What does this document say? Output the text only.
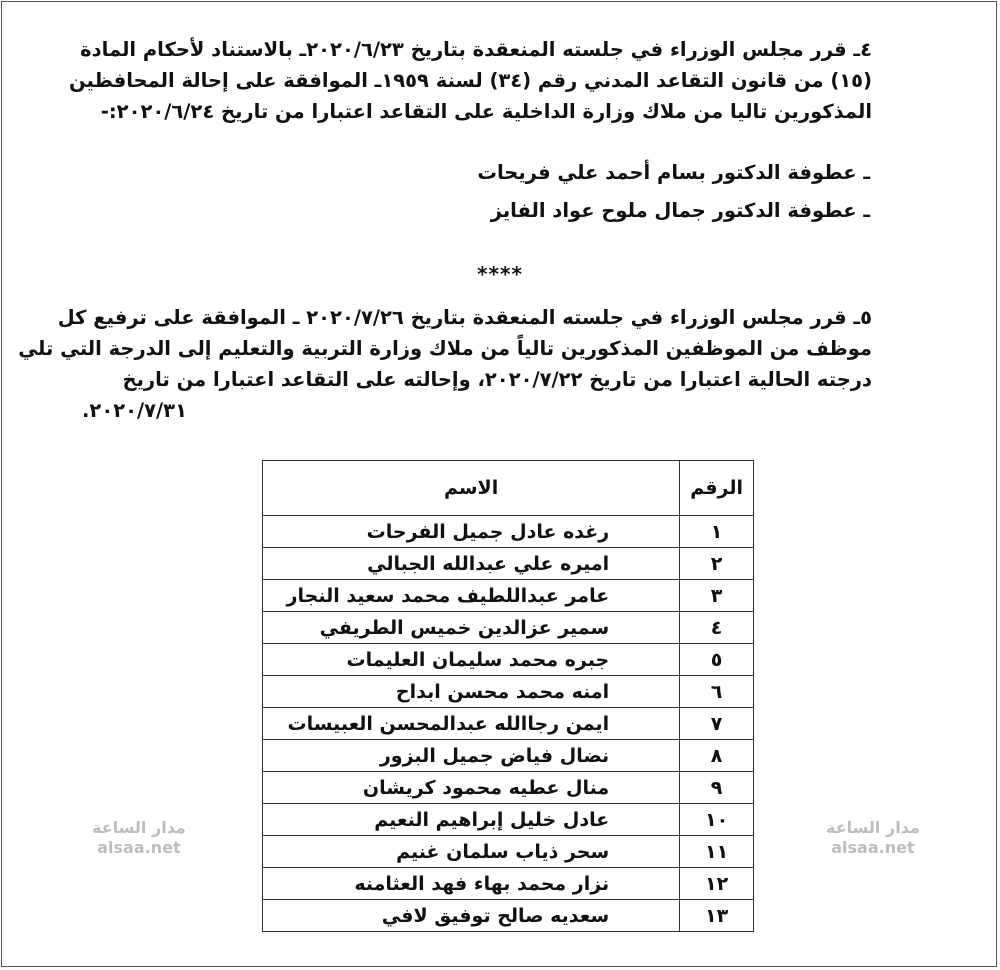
٤ـ قرر مجلس الوزراء في جلسته المنعقدة بتاريخ ٢٠٢٠/٦/٢٣ـ بالاستناد لأحكام المادة
(١٥) من قانون التقاعد المدني رقم (٣٤) لسنة ١٩٥٩ـ الموافقة على إحالة المحافظين
المذكورين تاليا من ملاك وزارة الداخلية على التقاعد اعتبارا من تاريخ ٢٠٢٠/٦/٢٤:-
ـ عطوفة الدكتور بسام أحمد علي فريحات
ـ عطوفة الدكتور جمال ملوح عواد الفايز
****
٥ـ قرر مجلس الوزراء في جلسته المنعقدة بتاريخ ٢٠٢٠/٧/٢٦ ـ الموافقة على ترفيع كل
موظف من الموظفين المذكورين تالياً من ملاك وزارة التربية والتعليم إلى الدرجة التي تلي
درجته الحالية اعتبارا من تاريخ ٢٠٢٠/٧/٢٢، وإحالته على التقاعد اعتبارا من تاريخ
٢٠٢٠/٧/٣١.
الرقم	الاسم
١	رغده عادل جميل الفرحات
٢	اميره علي عبدالله الجبالي
٣	عامر عبداللطيف محمد سعيد النجار
٤	سمير عزالدين خميس الطريفي
٥	جبره محمد سليمان العليمات
٦	امنه محمد محسن ابداح
٧	ايمن رجاالله عبدالمحسن العبيسات
٨	نضال فياض جميل البزور
٩	منال عطيه محمود كريشان
١٠	عادل خليل إبراهيم النعيم
١١	سحر ذياب سلمان غنيم
١٢	نزار محمد بهاء فهد العثامنه
١٣	سعديه صالح توفيق لافي
مدار الساعة
alsaa.net
مدار الساعة
alsaa.net
